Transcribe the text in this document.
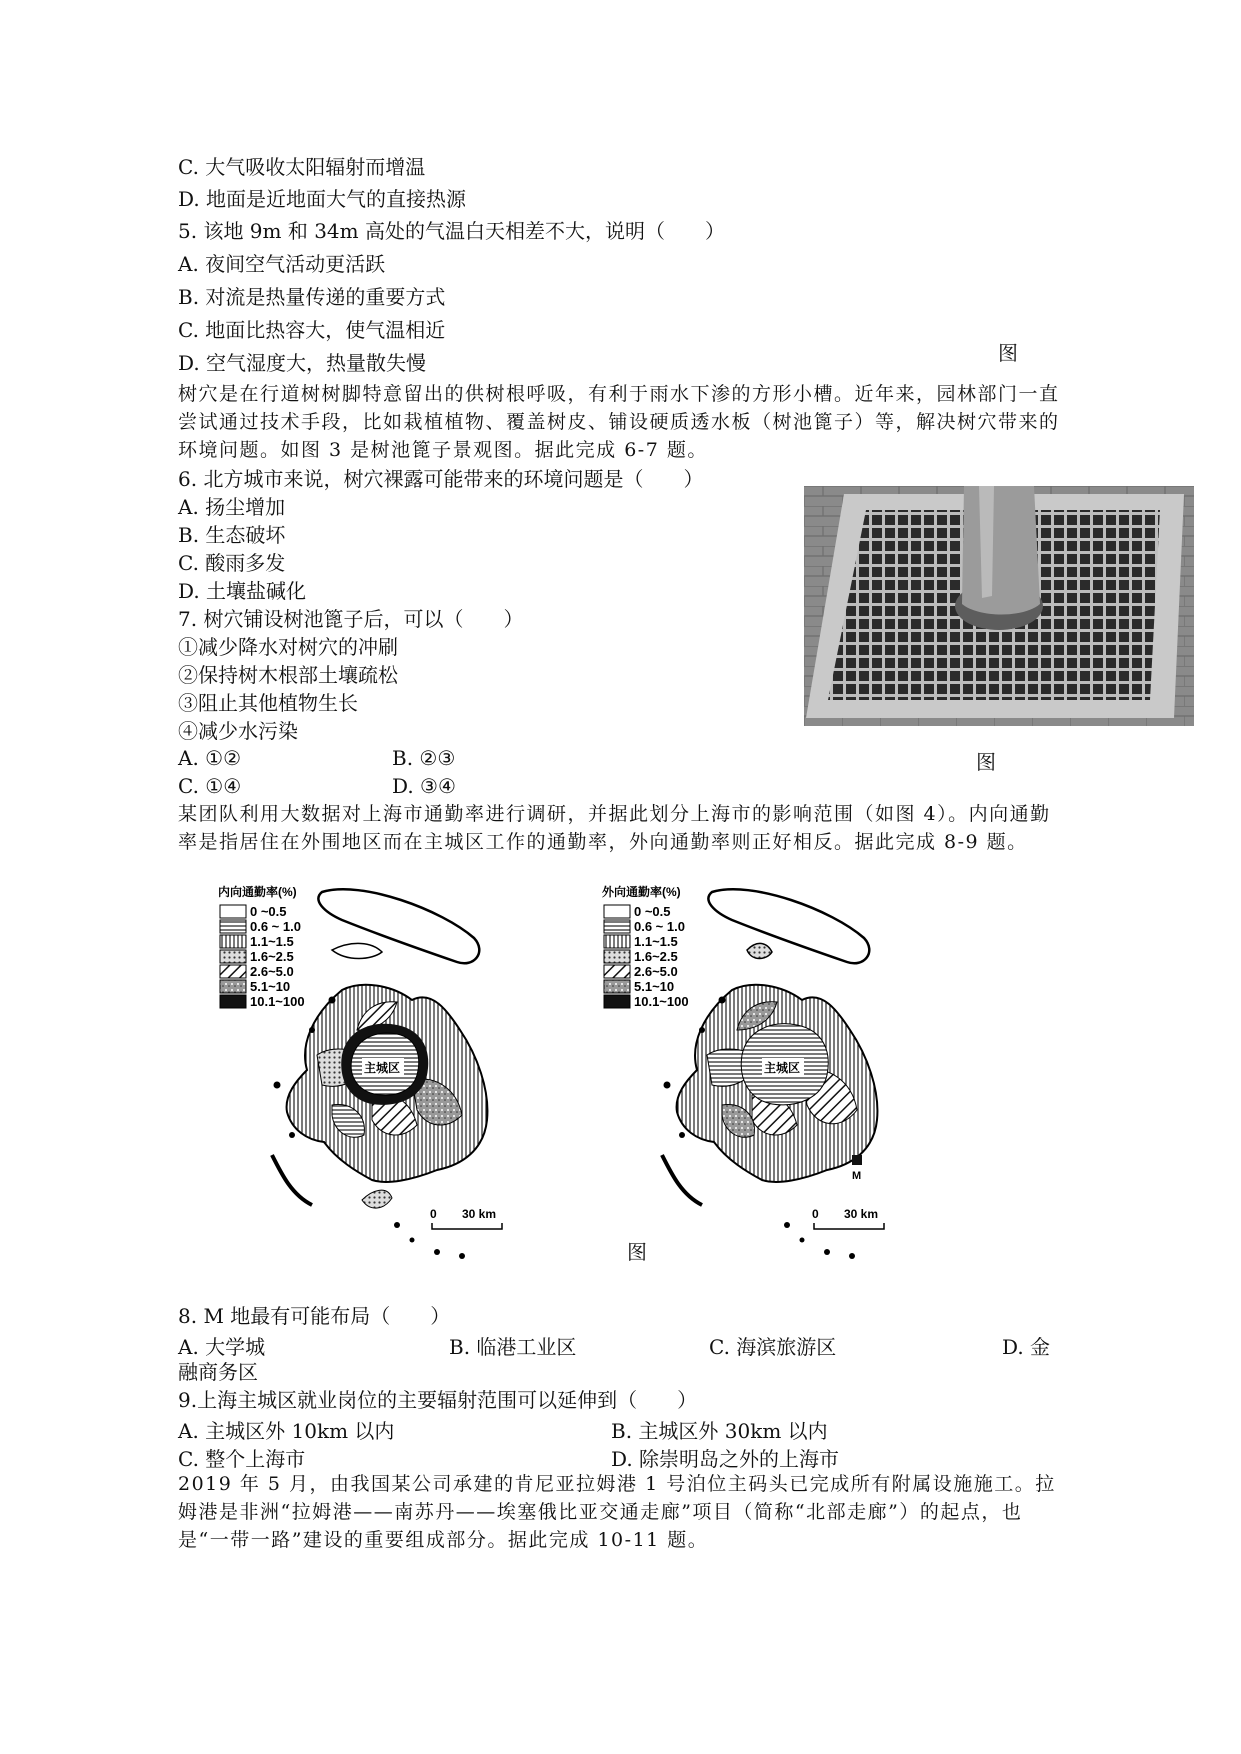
C. 大气吸收太阳辐射而增温
D. 地面是近地面大气的直接热源
5. 该地 9m 和 34m 高处的气温白天相差不大，说明（　　）
A. 夜间空气活动更活跃
B. 对流是热量传递的重要方式
C. 地面比热容大，使气温相近
D. 空气湿度大，热量散失慢	图
树穴是在行道树树脚特意留出的供树根呼吸，有利于雨水下渗的方形小槽。近年来，园林部门一直尝试通过技术手段，比如栽植植物、覆盖树皮、铺设硬质透水板（树池篦子）等，解决树穴带来的环境问题。如图 3 是树池篦子景观图。据此完成 6-7 题。
6. 北方城市来说，树穴裸露可能带来的环境问题是（　　）
A. 扬尘增加
B. 生态破坏
C. 酸雨多发
D. 土壤盐碱化
7. 树穴铺设树池篦子后，可以（　　）
①减少降水对树穴的冲刷
②保持树木根部土壤疏松
③阻止其他植物生长
④减少水污染
A. ①②	B. ②③
C. ①④	D. ③④
图
某团队利用大数据对上海市通勤率进行调研，并据此划分上海市的影响范围（如图 4）。内向通勤率是指居住在外围地区而在主城区工作的通勤率，外向通勤率则正好相反。据此完成 8-9 题。
内向通勤率(%)
0 ~0.5
0.6 ~ 1.0
1.1~1.5
1.6~2.5
2.6~5.0
5.1~10
10.1~100
主城区
0 30 km
外向通勤率(%)
0 ~0.5
0.6 ~ 1.0
1.1~1.5
1.6~2.5
2.6~5.0
5.1~10
10.1~100
主城区
M
0 30 km
图
8. M 地最有可能布局（　　）
A. 大学城	B. 临港工业区	C. 海滨旅游区	D. 金
融商务区
9.上海主城区就业岗位的主要辐射范围可以延伸到（　　）
A. 主城区外 10km 以内	B. 主城区外 30km 以内
C. 整个上海市	D. 除崇明岛之外的上海市
2019 年 5 月，由我国某公司承建的肯尼亚拉姆港 1 号泊位主码头已完成所有附属设施施工。拉姆港是非洲“拉姆港——南苏丹——埃塞俄比亚交通走廊”项目（简称“北部走廊”）的起点，也是“一带一路”建设的重要组成部分。据此完成 10-11 题。
